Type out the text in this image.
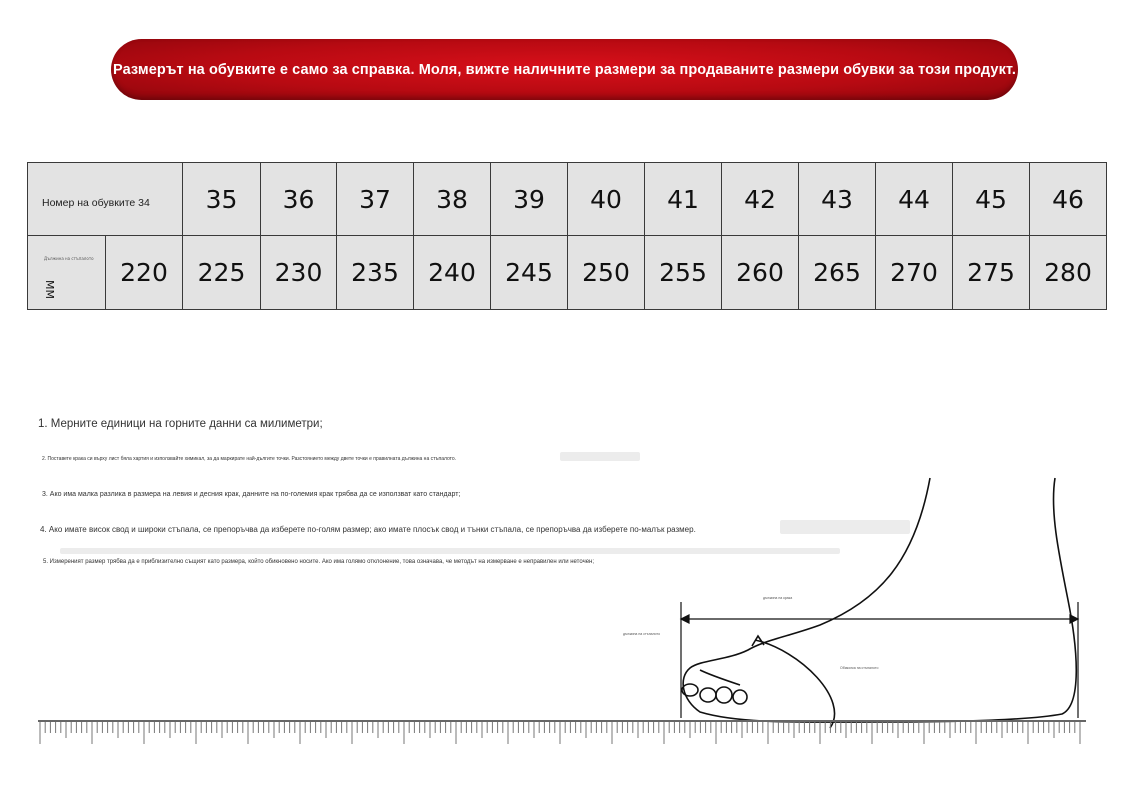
Размерът на обувките е само за справка. Моля, вижте наличните размери за продаваните размери обувки за този продукт.
Номер на обувките 34		35	36	37	38	39	40	41	42	43	44	45	46

Дължина на стъпалото
MM	220	225	230	235	240	245	250	255	260	265	270	275	280
1. Мерните единици на горните данни са милиметри;
2. Поставете крака си върху лист бяла хартия и използвайте химикал, за да маркирате най-дългите точки. Разстоянието между двете точки е правилната дължина на стъпалото.
3. Ако има малка разлика в размера на левия и десния крак, данните на по-големия крак трябва да се използват като стандарт;
4. Ако имате висок свод и широки стъпала, се препоръчва да изберете по-голям размер; ако имате плосък свод и тънки стъпала, се препоръчва да изберете по-малък размер.
5. Измереният размер трябва да е приблизително същият като размера, който обикновено носите. Ако има голямо отклонение, това означава, че методът на измерване е неправилен или неточен;
дължина на крака
Обиколка на стъпалото
дължина на стъпалото
